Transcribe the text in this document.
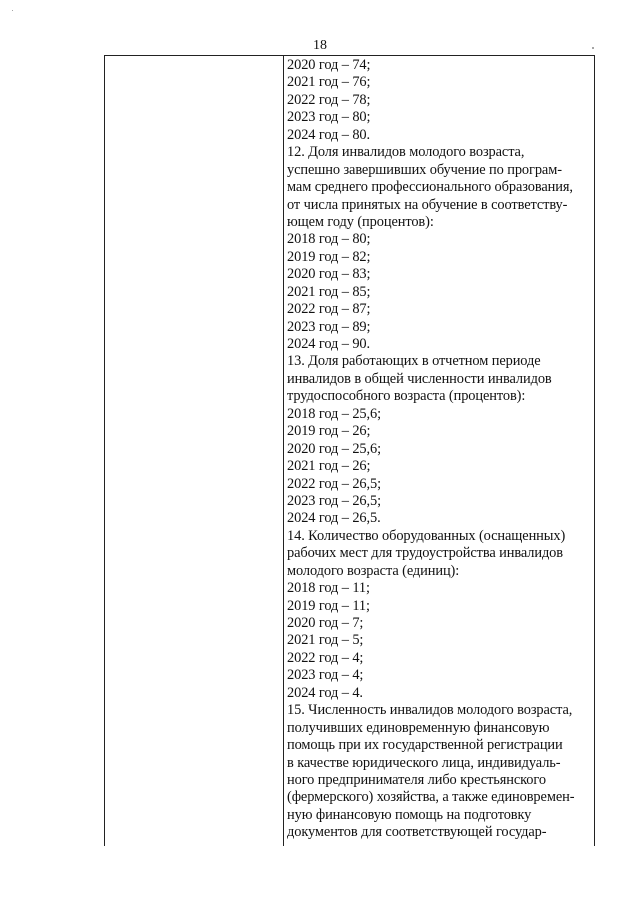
18
2020 год – 74;
2021 год – 76;
2022 год – 78;
2023 год – 80;
2024 год – 80.
12. Доля инвалидов молодого возраста,
успешно завершивших обучение по програм-
мам среднего профессионального образования,
от числа принятых на обучение в соответству-
ющем году (процентов):
2018 год – 80;
2019 год – 82;
2020 год – 83;
2021 год – 85;
2022 год – 87;
2023 год – 89;
2024 год – 90.
13. Доля работающих в отчетном периоде
инвалидов в общей численности инвалидов
трудоспособного возраста (процентов):
2018 год – 25,6;
2019 год – 26;
2020 год – 25,6;
2021 год – 26;
2022 год – 26,5;
2023 год – 26,5;
2024 год – 26,5.
14. Количество оборудованных (оснащенных)
рабочих мест для трудоустройства инвалидов
молодого возраста (единиц):
2018 год – 11;
2019 год – 11;
2020 год – 7;
2021 год – 5;
2022 год – 4;
2023 год – 4;
2024 год – 4.
15. Численность инвалидов молодого возраста,
получивших единовременную финансовую
помощь при их государственной регистрации
в качестве юридического лица, индивидуаль-
ного предпринимателя либо крестьянского
(фермерского) хозяйства, а также единовремен-
ную финансовую помощь на подготовку
документов для соответствующей государ-
